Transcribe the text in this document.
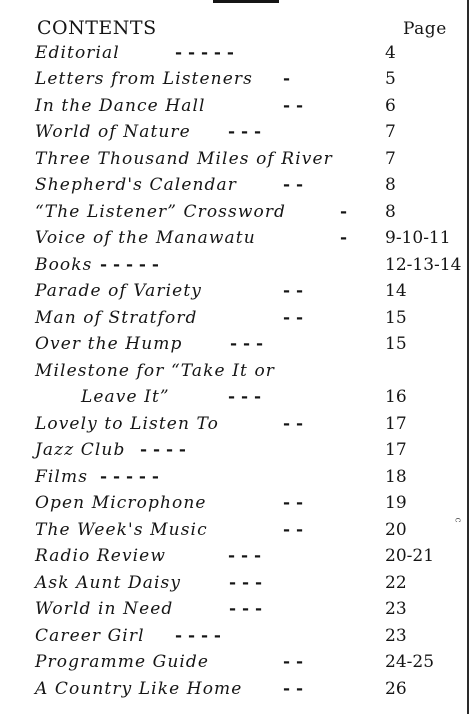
CONTENTS	Page
Editorial	- - - - -	4
Letters from Listeners -	5
In the Dance Hall	- -	6
World of Nature - - -	7
Three Thousand Miles of River	7
Shepherd's Calendar	- -	8
“The Listener” Crossword	- 8
Voice of the Manawatu	- 9-10-11
Books - - - - -	12-13-14
Parade of Variety	- -	14
Man of Stratford	- -	15
Over the Hump	- - -	15
Milestone for “Take It or
Leave It”	- - -	16
Lovely to Listen To	- -	17
Jazz Club - - - -	17
Films - - - - -	18
Open Microphone	- -	19
The Week's Music	- -	20
Radio Review	- - -	20-21
Ask Aunt Daisy	- - -	22
World in Need	- - -	23
Career Girl - - - -	23
Programme Guide	- -	24-25
A Country Like Home - -	26
c
